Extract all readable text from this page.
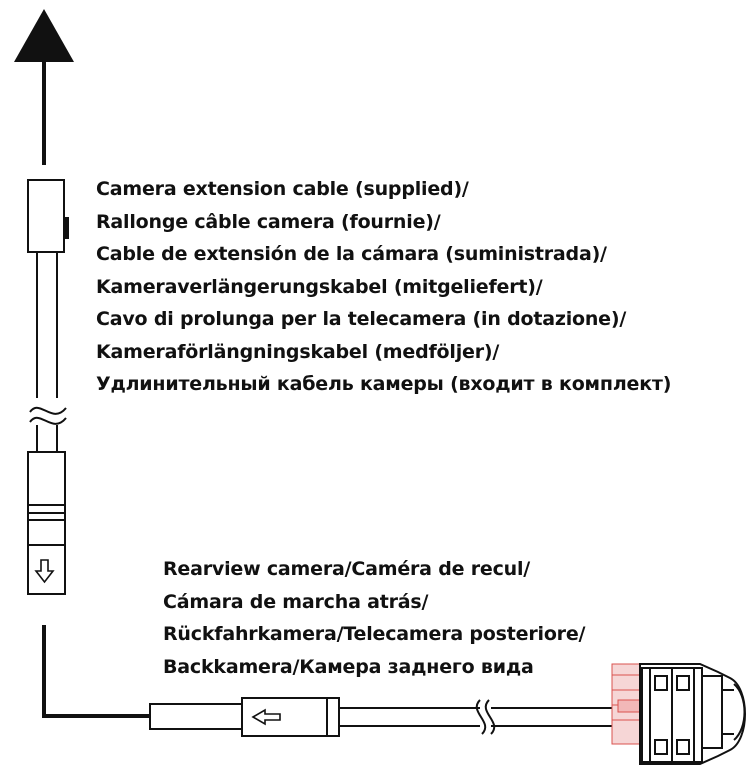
Camera extension cable (supplied)/
Rallonge câble camera (fournie)/
Cable de extensión de la cámara (suministrada)/
Kameraverlängerungskabel (mitgeliefert)/
Cavo di prolunga per la telecamera (in dotazione)/
Kameraförlängningskabel (medföljer)/
Удлинительный кабель камеры (входит в комплект)
Rearview camera/Caméra de recul/
Cámara de marcha atrás/
Rückfahrkamera/Telecamera posteriore/
Backkamera/Камера заднего вида
